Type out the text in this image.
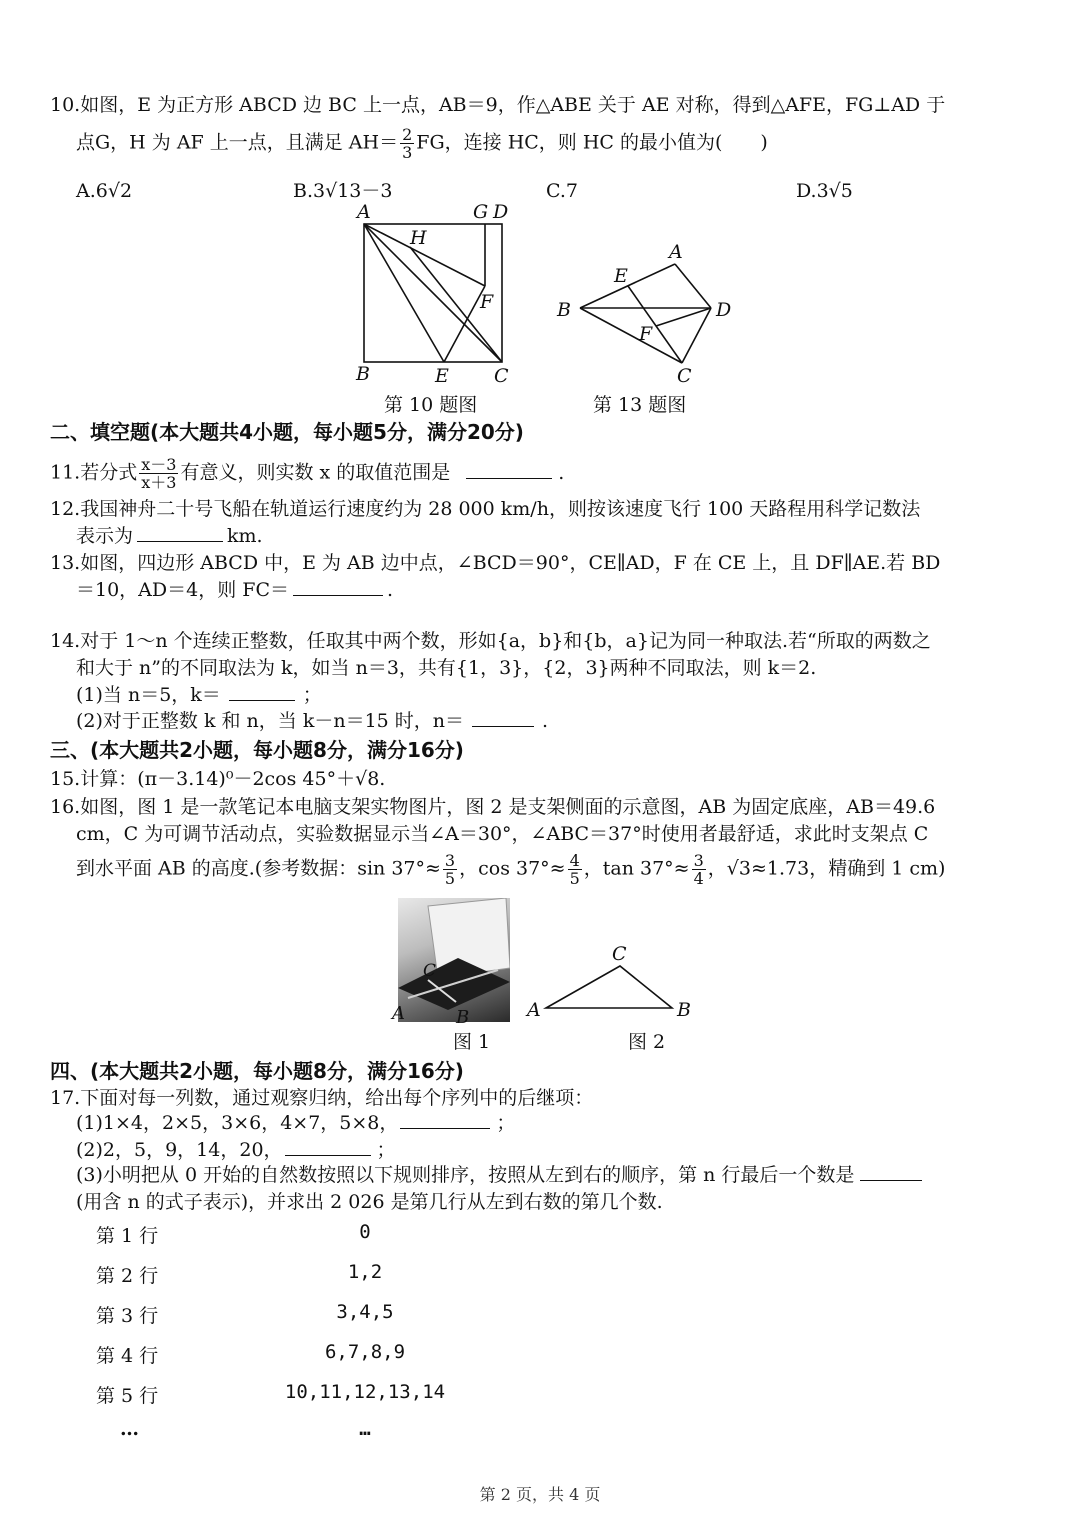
10.如图，E 为正方形 ABCD 边 BC 上一点，AB＝9，作△ABE 关于 AE 对称，得到△AFE，FG⊥AD 于
点G，H 为 AF 上一点，且满足 $AH= \frac{2}{3}$ FG，连接 HC，则 HC 的最小值为(　　)
A.6√2	B.3√13－3	C.7	D.3√5
A	G D
H
F
B	E C
A
E
B	D
F
C
第 10 题图	第 13 题图
二、填空题(本大题共4小题，每小题5分，满分20分)
11.若分式 $\frac{x-3}{x+3}$ 有意义，则实数 x 的取值范围是	.
12.我国神舟二十号飞船在轨道运行速度约为 28 000 km/h，则按该速度飞行 100 天路程用科学记数法
表示为	km.
13.如图，四边形 ABCD 中，E 为 AB 边中点，∠BCD＝90°，CE∥AD，F 在 CE 上，且 DF∥AE.若 BD
＝10，AD＝4，则 FC＝	.
14.对于 1～n 个连续正整数，任取其中两个数，形如{a，b}和{b，a}记为同一种取法.若“所取的两数之
和大于 n”的不同取法为 k，如当 n＝3，共有{1，3}，{2，3}两种不同取法，则 k＝2.
(1)当 n＝5，k＝	；
(2)对于正整数 k 和 n，当 k－n＝15 时，n＝	.
三、(本大题共2小题，每小题8分，满分16分)
15.计算：(π－3.14)⁰－2cos 45°＋√8.
16.如图，图 1 是一款笔记本电脑支架实物图片，图 2 是支架侧面的示意图，AB 为固定底座，AB＝49.6
cm，C 为可调节活动点，实验数据显示当∠A＝30°，∠ABC＝37°时使用者最舒适，求此时支架点 C
到水平面 AB 的高度.(参考数据：$\sin 37^\circ\approx \frac{3}{5}$ ，$\cos 37^\circ\approx \frac{4}{5}$ ，$\tan 37^\circ\approx \frac{3}{4}$ ，√3≈1.73，精确到 1 cm)
C
A	B
C
A	B
图 1	图 2
四、(本大题共2小题，每小题8分，满分16分)
17.下面对每一列数，通过观察归纳，给出每个序列中的后继项：
(1)1×4，2×5，3×6，4×7，5×8，	；
(2)2，5，9，14，20，	；
(3)小明把从 0 开始的自然数按照以下规则排序，按照从左到右的顺序，第 n 行最后一个数是
(用含 n 的式子表示)，并求出 2 026 是第几行从左到右数的第几个数.
第 1 行	0
第 2 行	1,2
第 3 行	3,4,5
第 4 行	6,7,8,9
第 5 行	10,11,12,13,14
…	…
第 2 页，共 4 页
